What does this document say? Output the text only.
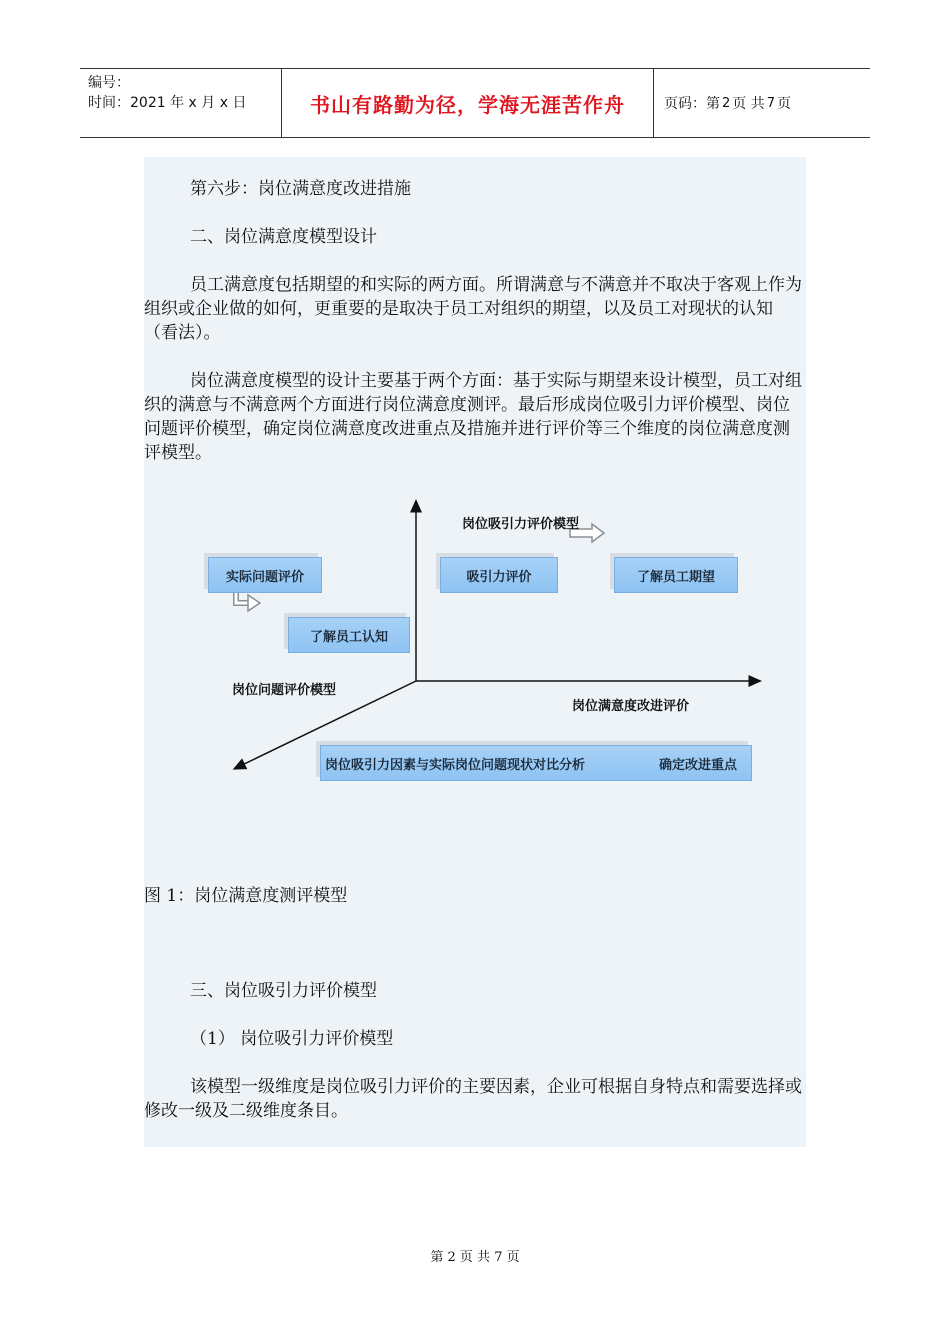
编号：
时间：2021 年 x 月 x 日	书山有路勤为径，学海无涯苦作舟	页码：第 2 页 共 7 页

第六步：岗位满意度改进措施

二、岗位满意度模型设计

员工满意度包括期望的和实际的两方面。所谓满意与不满意并不取决于客观上作为组织或企业做的如何，更重要的是取决于员工对组织的期望，以及员工对现状的认知（看法）。

岗位满意度模型的设计主要基于两个方面：基于实际与期望来设计模型，员工对组织的满意与不满意两个方面进行岗位满意度测评。最后形成岗位吸引力评价模型、岗位问题评价模型，确定岗位满意度改进重点及措施并进行评价等三个维度的岗位满意度测评模型。

岗位吸引力评价模型
岗位问题评价模型
岗位满意度改进评价
实际问题评价
了解员工认知
吸引力评价	了解员工期望
岗位吸引力因素与实际岗位问题现状对比分析	确定改进重点

图 1：岗位满意度测评模型

三、岗位吸引力评价模型

（1） 岗位吸引力评价模型

该模型一级维度是岗位吸引力评价的主要因素，企业可根据自身特点和需要选择或修改一级及二级维度条目。

第 2 页 共 7 页
